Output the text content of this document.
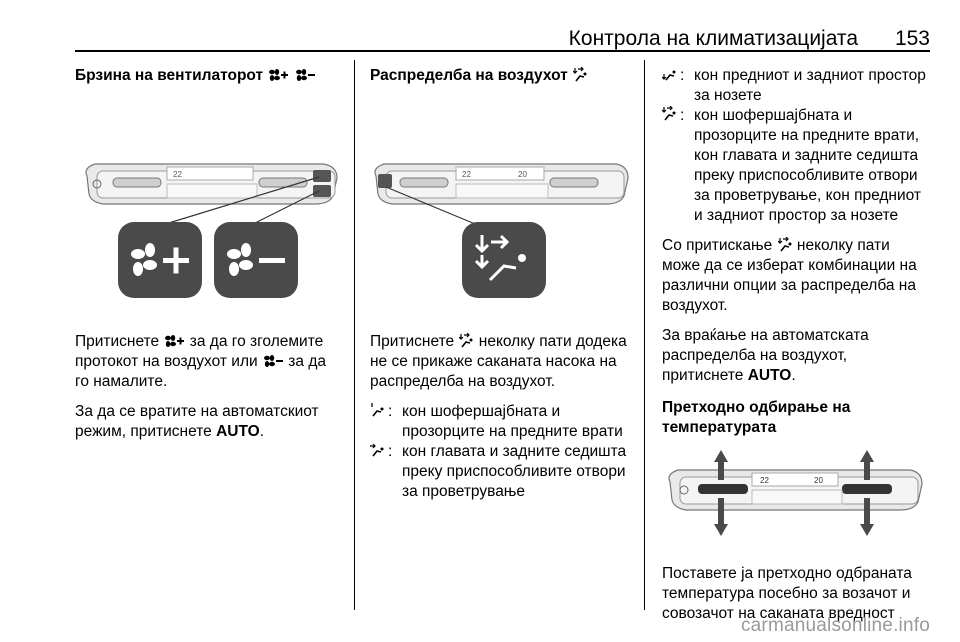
Контрола на климатизацијата 153
Брзина на вентилаторот
22

Притиснете за да го зголемите протокот на воздухот или за да го намалите.

За да се вратите на автоматскиот режим, притиснете AUTO.

Распределба на воздухот
22	20

Притиснете неколку пати додека не се прикаже саканата насока на распределба на воздухот.

: кон шофершајбната и прозорците на предните врати
: кон главата и задните седишта преку приспособливите отвори за проветрување
: кон предниот и задниот простор за нозете
: кон шофершајбната и прозорците на предните врати, кон главата и задните седишта преку приспособливите отвори за проветрување, кон предниот и задниот простор за нозете

Со притискање неколку пати може да се изберат комбинации на различни опции за распределба на воздухот.

За враќање на автоматската распределба на воздухот, притиснете AUTO.

Претходно одбирање на температурата
22	20

Поставете ја претходно одбраната температура посебно за возачот и совозачот на саканата вредност

carmanualsonline.info
